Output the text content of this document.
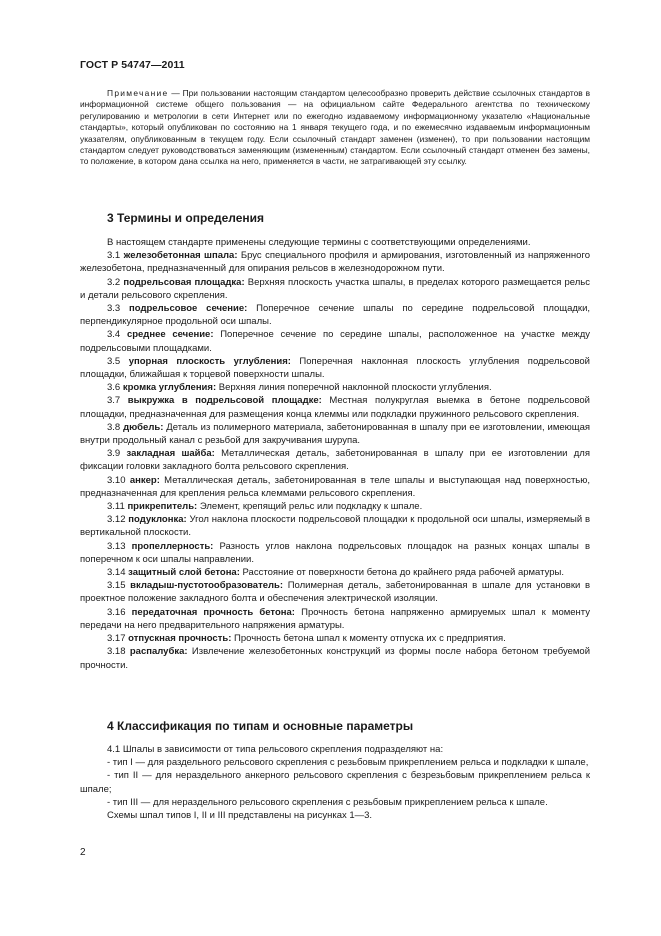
ГОСТ Р 54747—2011

Примечание — При пользовании настоящим стандартом целесообразно проверить действие ссылочных стандартов в информационной системе общего пользования — на официальном сайте Федерального агентства по техническому регулированию и метрологии в сети Интернет или по ежегодно издаваемому информационному указателю «Национальные стандарты», который опубликован по состоянию на 1 января текущего года, и по ежемесячно издаваемым информационным указателям, опубликованным в текущем году. Если ссылочный стандарт заменен (изменен), то при пользовании настоящим стандартом следует руководствоваться заменяющим (измененным) стандартом. Если ссылочный стандарт отменен без замены, то положение, в котором дана ссылка на него, применяется в части, не затрагивающей эту ссылку.

3 Термины и определения

В настоящем стандарте применены следующие термины с соответствующими определениями.

3.1 железобетонная шпала: Брус специального профиля и армирования, изготовленный из напряженного железобетона, предназначенный для опирания рельсов в железнодорожном пути.

3.2 подрельсовая площадка: Верхняя плоскость участка шпалы, в пределах которого размещается рельс и детали рельсового скрепления.

3.3 подрельсовое сечение: Поперечное сечение шпалы по середине подрельсовой площадки, перпендикулярное продольной оси шпалы.

3.4 среднее сечение: Поперечное сечение по середине шпалы, расположенное на участке между подрельсовыми площадками.

3.5 упорная плоскость углубления: Поперечная наклонная плоскость углубления подрельсовой площадки, ближайшая к торцевой поверхности шпалы.

3.6 кромка углубления: Верхняя линия поперечной наклонной плоскости углубления.

3.7 выкружка в подрельсовой площадке: Местная полукруглая выемка в бетоне подрельсовой площадки, предназначенная для размещения конца клеммы или подкладки пружинного рельсового скрепления.

3.8 дюбель: Деталь из полимерного материала, забетонированная в шпалу при ее изготовлении, имеющая внутри продольный канал с резьбой для закручивания шурупа.

3.9 закладная шайба: Металлическая деталь, забетонированная в шпалу при ее изготовлении для фиксации головки закладного болта рельсового скрепления.

3.10 анкер: Металлическая деталь, забетонированная в теле шпалы и выступающая над поверхностью, предназначенная для крепления рельса клеммами рельсового скрепления.

3.11 прикрепитель: Элемент, крепящий рельс или подкладку к шпале.

3.12 подуклонка: Угол наклона плоскости подрельсовой площадки к продольной оси шпалы, измеряемый в вертикальной плоскости.

3.13 пропеллерность: Разность углов наклона подрельсовых площадок на разных концах шпалы в поперечном к оси шпалы направлении.

3.14 защитный слой бетона: Расстояние от поверхности бетона до крайнего ряда рабочей арматуры.

3.15 вкладыш-пустотообразователь: Полимерная деталь, забетонированная в шпале для установки в проектное положение закладного болта и обеспечения электрической изоляции.

3.16 передаточная прочность бетона: Прочность бетона напряженно армируемых шпал к моменту передачи на него предварительного напряжения арматуры.

3.17 отпускная прочность: Прочность бетона шпал к моменту отпуска их с предприятия.

3.18 распалубка: Извлечение железобетонных конструкций из формы после набора бетоном требуемой прочности.

4 Классификация по типам и основные параметры

4.1 Шпалы в зависимости от типа рельсового скрепления подразделяют на:

- тип I — для раздельного рельсового скрепления с резьбовым прикреплением рельса и подкладки к шпале,

- тип II — для нераздельного анкерного рельсового скрепления с безрезьбовым прикреплением рельса к шпале;

- тип III — для нераздельного рельсового скрепления с резьбовым прикреплением рельса к шпале.

Схемы шпал типов I, II и III представлены на рисунках 1—3.

2
